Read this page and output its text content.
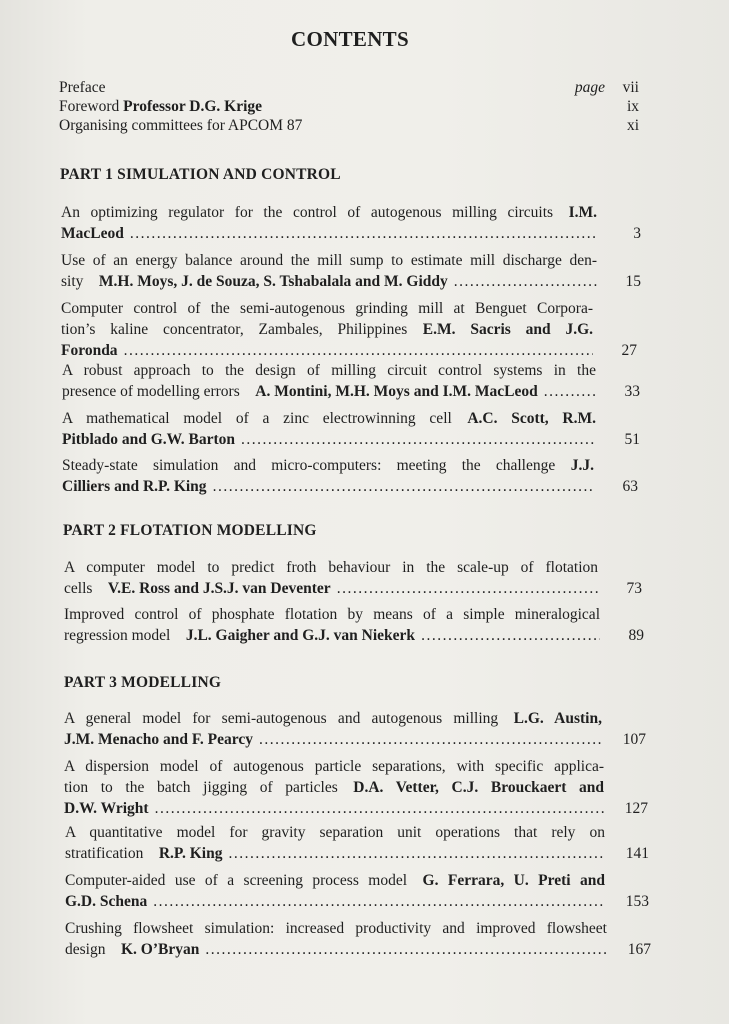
CONTENTS
Preface	page vii
Foreword Professor D.G. Krige	ix
Organising committees for APCOM 87	xi
PART 1 SIMULATION AND CONTROL
PART 2 FLOTATION MODELLING
PART 3 MODELLING
An optimizing regulator for the control of autogenous milling circuits  I.M.
MacLeod .....	3
Use of an energy balance around the mill sump to estimate mill discharge den-
sity
  M.H. Moys, J. de Souza, S. Tshabalala and M. Giddy .....	15
Computer control of the semi-autogenous grinding mill at Benguet Corpora-
tion’s kaline concentrator, Zambales, Philippines  E.M. Sacris and J.G.
Foronda .....	27
A robust approach to the design of milling circuit control systems in the
presence of modelling errors
  A. Montini, M.H. Moys and I.M. MacLeod .....	33
A mathematical model of a zinc electrowinning cell  A.C. Scott, R.M.
Pitblado and G.W. Barton .....	51
Steady-state simulation and micro-computers: meeting the challenge  J.J.
Cilliers and R.P. King .....	63
A computer model to predict froth behaviour in the scale-up of flotation
cells
  V.E. Ross and J.S.J. van Deventer .....	73
Improved control of phosphate flotation by means of a simple mineralogical
regression model
  J.L. Gaigher and G.J. van Niekerk .....	89
A general model for semi-autogenous and autogenous milling  L.G. Austin,
J.M. Menacho and F. Pearcy .....	107
A dispersion model of autogenous particle separations, with specific applica-
tion to the batch jigging of particles  D.A. Vetter, C.J. Brouckaert and
D.W. Wright .....	127
A quantitative model for gravity separation unit operations that rely on
stratification
  R.P. King .....	141
Computer-aided use of a screening process model  G. Ferrara, U. Preti and
G.D. Schena .....	153
Crushing flowsheet simulation: increased productivity and improved flowsheet
design
  K. O’Bryan .....	167
